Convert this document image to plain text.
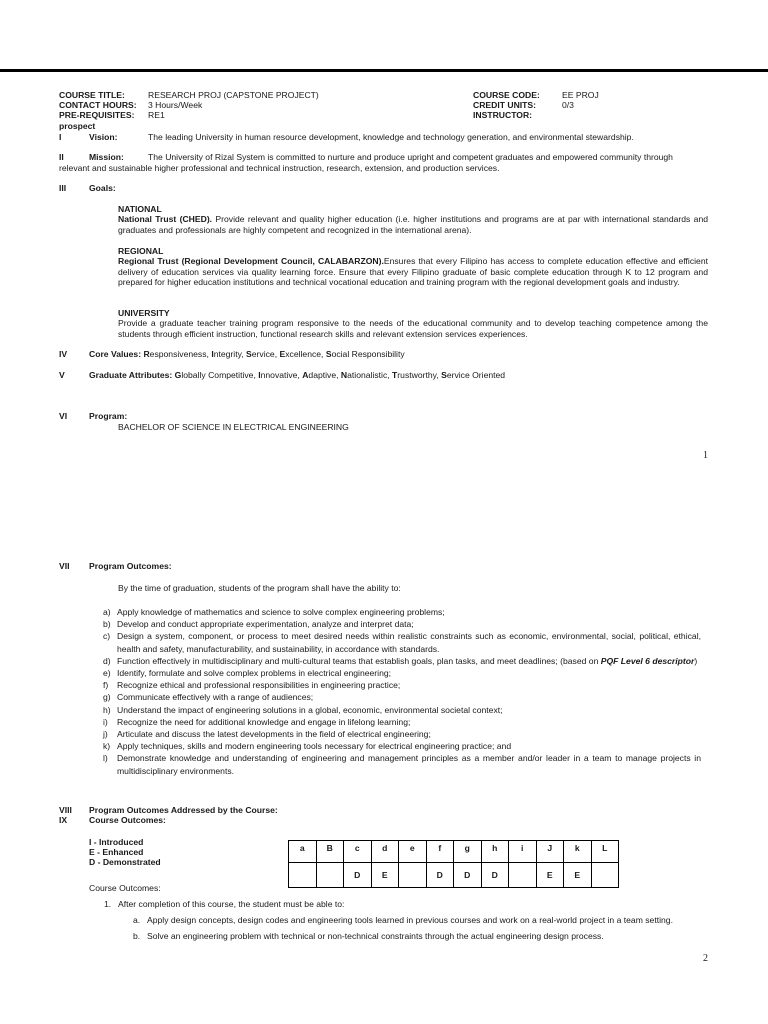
COURSE TITLE:	RESEARCH PROJ (CAPSTONE PROJECT)	COURSE CODE:	EE PROJ
CONTACT HOURS: 3 Hours/Week	CREDIT UNITS:	0/3
PRE-REQUISITES: RE1	INSTRUCTOR:
prospect
I	Vision:	The leading University in human resource development, knowledge and technology generation, and environmental stewardship.
II	Mission:	The University of Rizal System is committed to nurture and produce upright and competent graduates and empowered community through
relevant and sustainable higher professional and technical instruction, research, extension, and production services.
III	Goals:
NATIONAL
National Trust (CHED). Provide relevant and quality higher education (i.e. higher institutions and programs are at par with international standards and graduates and professionals are highly competent and recognized in the international arena).
REGIONAL
Regional Trust (Regional Development Council, CALABARZON).Ensures that every Filipino has access to complete education effective and efficient delivery of education services via quality learning force. Ensure that every Filipino graduate of basic complete education through K to 12 program and prepared for higher education institutions and technical vocational education and training program with the regional development goals and industry.
UNIVERSITY
Provide a graduate teacher training program responsive to the needs of the educational community and to develop teaching competence among the students through efficient instruction, functional research skills and relevant extension services experiences.
IV	Core Values: Responsiveness, Integrity, Service, Excellence, Social Responsibility
V	Graduate Attributes: Globally Competitive, Innovative, Adaptive, Nationalistic, Trustworthy, Service Oriented
VI	Program:
BACHELOR OF SCIENCE IN ELECTRICAL ENGINEERING
1
VII Program Outcomes:
By the time of graduation, students of the program shall have the ability to:
a) Apply knowledge of mathematics and science to solve complex engineering problems;
b) Develop and conduct appropriate experimentation, analyze and interpret data;
c) Design a system, component, or process to meet desired needs within realistic constraints such as economic, environmental, social, political, ethical, health and safety, manufacturability, and sustainability, in accordance with standards.
d) Function effectively in multidisciplinary and multi-cultural teams that establish goals, plan tasks, and meet deadlines; (based on PQF Level 6 descriptor)
e) Identify, formulate and solve complex problems in electrical engineering;
f) Recognize ethical and professional responsibilities in engineering practice;
g) Communicate effectively with a range of audiences;
h) Understand the impact of engineering solutions in a global, economic, environmental societal context;
i) Recognize the need for additional knowledge and engage in lifelong learning;
j) Articulate and discuss the latest developments in the field of electrical engineering;
k) Apply techniques, skills and modern engineering tools necessary for electrical engineering practice; and
l) Demonstrate knowledge and understanding of engineering and management principles as a member and/or leader in a team to manage projects in multidisciplinary environments.
VIII Program Outcomes Addressed by the Course:
IX	Course Outcomes:
I - Introduced
E - Enhanced
D - Demonstrated
a	B	c	d	e	f	g	h	i	J	k	L
		D	E		D	D	D		E	E	
Course Outcomes:
1. After completion of this course, the student must be able to:
a. Apply design concepts, design codes and engineering tools learned in previous courses and work on a real-world project in a team setting.
b. Solve an engineering problem with technical or non-technical constraints through the actual engineering design process.
2
